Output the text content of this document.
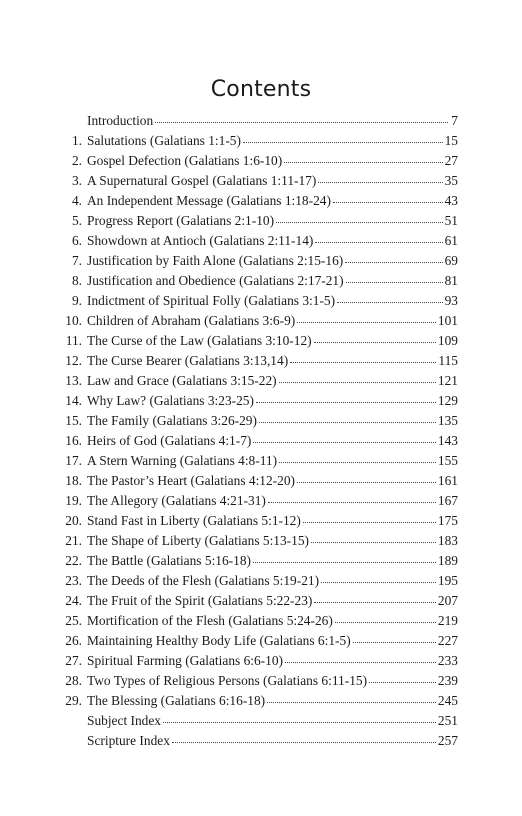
Contents
Introduction	7
1. Salutations (Galatians 1:1-5)	15
2. Gospel Defection (Galatians 1:6-10)	27
3. A Supernatural Gospel (Galatians 1:11-17)	35
4. An Independent Message (Galatians 1:18-24)	43
5. Progress Report (Galatians 2:1-10)	51
6. Showdown at Antioch (Galatians 2:11-14)	61
7. Justification by Faith Alone (Galatians 2:15-16)	69
8. Justification and Obedience (Galatians 2:17-21)	81
9. Indictment of Spiritual Folly (Galatians 3:1-5)	93
10. Children of Abraham (Galatians 3:6-9)	101
11. The Curse of the Law (Galatians 3:10-12)	109
12. The Curse Bearer (Galatians 3:13,14)	115
13. Law and Grace (Galatians 3:15-22)	121
14. Why Law? (Galatians 3:23-25)	129
15. The Family (Galatians 3:26-29)	135
16. Heirs of God (Galatians 4:1-7)	143
17. A Stern Warning (Galatians 4:8-11)	155
18. The Pastor’s Heart (Galatians 4:12-20)	161
19. The Allegory (Galatians 4:21-31)	167
20. Stand Fast in Liberty (Galatians 5:1-12)	175
21. The Shape of Liberty (Galatians 5:13-15)	183
22. The Battle (Galatians 5:16-18)	189
23. The Deeds of the Flesh (Galatians 5:19-21)	195
24. The Fruit of the Spirit (Galatians 5:22-23)	207
25. Mortification of the Flesh (Galatians 5:24-26)	219
26. Maintaining Healthy Body Life (Galatians 6:1-5)	227
27. Spiritual Farming (Galatians 6:6-10)	233
28. Two Types of Religious Persons (Galatians 6:11-15)	239
29. The Blessing (Galatians 6:16-18)	245
Subject Index	251
Scripture Index	257
